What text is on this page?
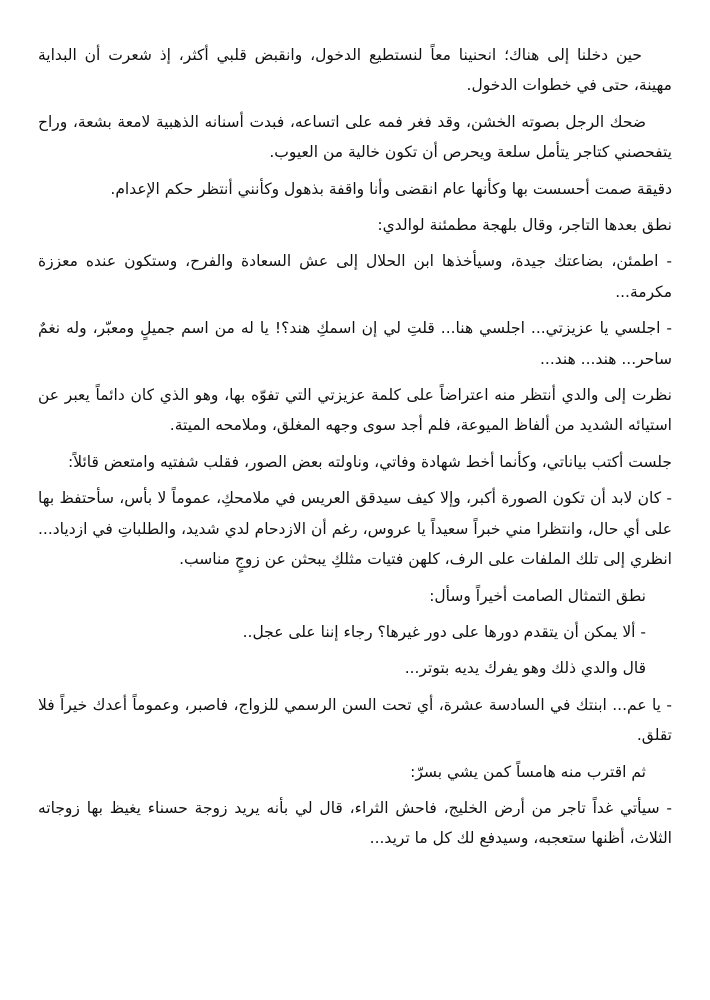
حين دخلنا إلى هناك؛ انحنينا معاً لنستطيع الدخول، وانقبض قلبي أكثر، إذ شعرت أن البداية مهينة، حتى في خطوات الدخول.

ضحك الرجل بصوته الخشن، وقد فغر فمه على اتساعه، فبدت أسنانه الذهبية لامعة بشعة، وراح يتفحصني كتاجر يتأمل سلعة ويحرص أن تكون خالية من العيوب.

دقيقة صمت أحسست بها وكأنها عام انقضى وأنا واقفة بذهول وكأنني أنتظر حكم الإعدام.

نطق بعدها التاجر، وقال بلهجة مطمئنة لوالدي:

- اطمئن، بضاعتك جيدة، وسيأخذها ابن الحلال إلى عش السعادة والفرح، وستكون عنده معززة مكرمة...

- اجلسي يا عزيزتي... اجلسي هنا... قلتِ لي إن اسمكِ هند؟! يا له من اسم جميلٍ ومعبّر، وله نغمٌ ساحر... هند... هند...

نظرت إلى والدي أنتظر منه اعتراضاً على كلمة عزيزتي التي تفوّه بها، وهو الذي كان دائماً يعبر عن استيائه الشديد من ألفاظ الميوعة، فلم أجد سوى وجهه المغلق، وملامحه الميتة.

جلست أكتب بياناتي، وكأنما أخط شهادة وفاتي، وناولته بعض الصور، فقلب شفتيه وامتعض قائلاً:

- كان لابد أن تكون الصورة أكبر، وإلا كيف سيدقق العريس في ملامحكِ، عموماً لا بأس، سأحتفظ بها على أي حال، وانتظرا مني خبراً سعيداً يا عروس، رغم أن الازدحام لدي شديد، والطلباتِ في ازدياد... انظري إلى تلك الملفات على الرف، كلهن فتيات مثلكِ يبحثن عن زوجٍ مناسب.

نطق التمثال الصامت أخيراً وسأل:

- ألا يمكن أن يتقدم دورها على دور غيرها؟ رجاء إننا على عجل..

قال والدي ذلك وهو يفرك يديه بتوتر...

- يا عم... ابنتك في السادسة عشرة، أي تحت السن الرسمي للزواج، فاصبر، وعموماً أعدك خيراً فلا تقلق.

ثم اقترب منه هامساً كمن يشي بسرّ:

- سيأتي غداً تاجر من أرض الخليج، فاحش الثراء، قال لي بأنه يريد زوجة حسناء يغيظ بها زوجاته الثلاث، أظنها ستعجبه، وسيدفع لك كل ما تريد...
